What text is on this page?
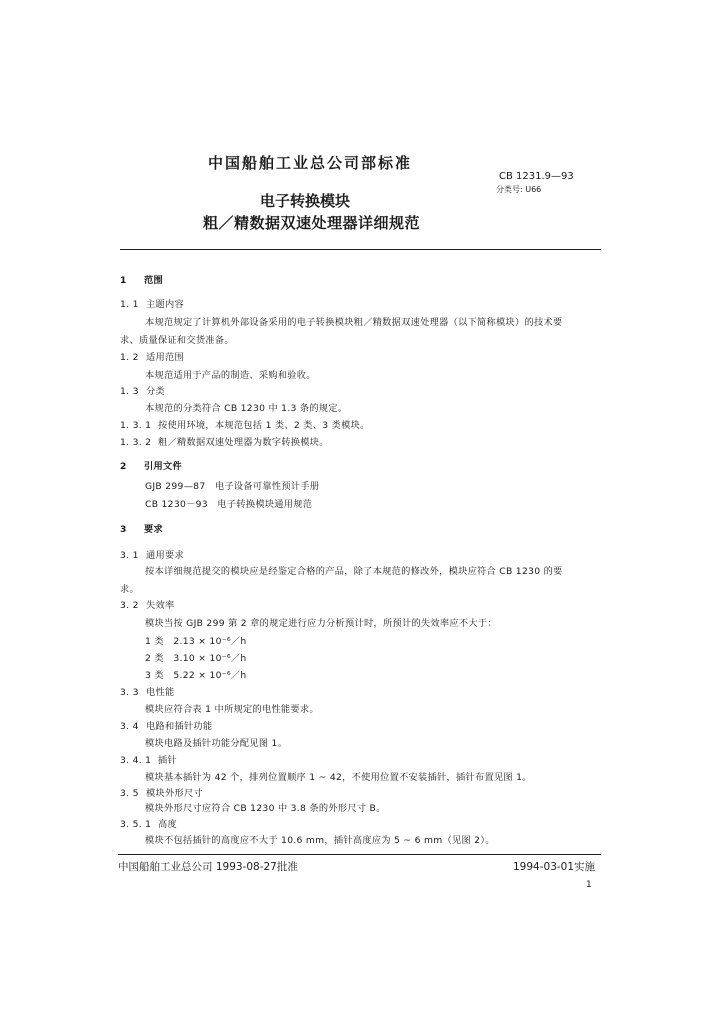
中国船舶工业总公司部标准
CB 1231.9—93
分类号: U66
电子转换模块
粗／精数据双速处理器详细规范
1 范围
1. 1 主题内容
本规范规定了计算机外部设备采用的电子转换模块粗／精数据双速处理器（以下简称模块）的技术要
求、质量保证和交货准备。
1. 2 适用范围
本规范适用于产品的制造、采购和验收。
1. 3 分类
本规范的分类符合 CB 1230 中 1.3 条的规定。
1. 3. 1 按使用环境，本规范包括 1 类、2 类、3 类模块。
1. 3. 2 粗／精数据双速处理器为数字转换模块。
2 引用文件
GJB 299—87　电子设备可靠性预计手册
CB 1230－93　电子转换模块通用规范
3 要求
3. 1 通用要求
按本详细规范提交的模块应是经鉴定合格的产品，除了本规范的修改外，模块应符合 CB 1230 的要
求。
3. 2 失效率
模块当按 GJB 299 第 2 章的规定进行应力分析预计时，所预计的失效率应不大于：
1 类　2.13 × 10⁻⁶／h
2 类　3.10 × 10⁻⁶／h
3 类　5.22 × 10⁻⁶／h
3. 3 电性能
模块应符合表 1 中所规定的电性能要求。
3. 4 电路和插针功能
模块电路及插针功能分配见图 1。
3. 4. 1 插针
模块基本插针为 42 个，排列位置顺序 1 ~ 42，不使用位置不安装插针，插针布置见图 1。
3. 5 模块外形尺寸
模块外形尺寸应符合 CB 1230 中 3.8 条的外形尺寸 B。
3. 5. 1 高度
模块不包括插针的高度应不大于 10.6 mm，插针高度应为 5 ~ 6 mm（见图 2）。
中国船舶工业总公司 1993-08-27批准	1994-03-01实施
1
